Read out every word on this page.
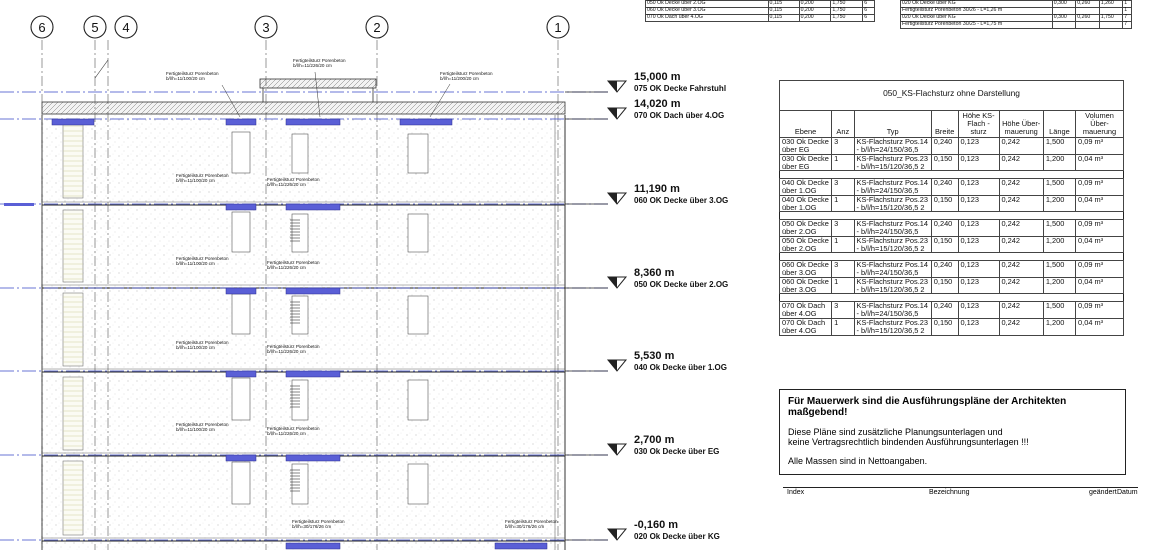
15,000 m
075 OK Decke Fahrstuhl
14,020 m
070 OK Dach über 4.OG
11,190 m
060 OK Decke über 3.OG
8,360 m
050 OK Decke über 2.OG
5,530 m
040 Ok Decke über 1.OG
2,700 m
030 Ok Decke über EG
-0,160 m
020 Ok Decke über KG
Fertigteilsturz Porenbeton
b/l/h=11/100/20 cm
Fertigteilsturz Porenbeton
b/l/h=11/226/20 cm
Fertigteilsturz Porenbeton
b/l/h=11/200/20 cm
Fertigteilsturz Porenbeton
b/l/h=11/100/20 cm	Fertigteilsturz Porenbeton
b/l/h=11/226/20 cm
Fertigteilsturz Porenbeton
b/l/h=11/100/20 cm	Fertigteilsturz Porenbeton
b/l/h=11/226/20 cm
Fertigteilsturz Porenbeton
b/l/h=11/100/20 cm	Fertigteilsturz Porenbeton
b/l/h=11/226/20 cm
Fertigteilsturz Porenbeton
b/l/h=11/100/20 cm	Fertigteilsturz Porenbeton
b/l/h=11/226/20 cm
Fertigteilsturz Porenbeton
b/l/h=30/176/26 cm
Fertigteilsturz Porenbeton
b/l/h=30/176/26 cm
6	5 4	3	2	1
050 Ok Decke über 2.OG	0,115	0,200	1,750	6
060 Ok Decke über 3.OG	0,115	0,200	1,750	6
070 Ok Dach über 4.OG	0,115	0,200	1,750	6
020 Ok Decke über KG	0,300	0,260	1,260	1
Fertigteilsturz Porenbeton 30/26 - L=1,26 m				1
020 Ok Decke über KG	0,300	0,260	1,750	7
Fertigteilsturz Porenbeton 30/25 - L=1,75 m				7
050_KS-Flachsturz ohne Darstellung							
Ebene	Anz	Typ	Breite	Höhe KS-Flach - sturz	Höhe Über- mauerung	Länge	Volumen Über- mauerung
030 Ok Decke über EG	3	KS-Flachsturz Pos.14 - b/l/h=24/150/36,5	0,240	0,123	0,242	1,500	0,09 m³
030 Ok Decke über EG	1	KS-Flachsturz Pos.23 - b/l/h=15/120/36,5 2	0,150	0,123	0,242	1,200	0,04 m³

040 Ok Decke über 1.OG	3	KS-Flachsturz Pos.14 - b/l/h=24/150/36,5	0,240	0,123	0,242	1,500	0,09 m³
040 Ok Decke über 1.OG	1	KS-Flachsturz Pos.23 - b/l/h=15/120/36,5 2	0,150	0,123	0,242	1,200	0,04 m³

050 Ok Decke über 2.OG	3	KS-Flachsturz Pos.14 - b/l/h=24/150/36,5	0,240	0,123	0,242	1,500	0,09 m³
050 Ok Decke über 2.OG	1	KS-Flachsturz Pos.23 - b/l/h=15/120/36,5 2	0,150	0,123	0,242	1,200	0,04 m³

060 Ok Decke über 3.OG	3	KS-Flachsturz Pos.14 - b/l/h=24/150/36,5	0,240	0,123	0,242	1,500	0,09 m³
060 Ok Decke über 3.OG	1	KS-Flachsturz Pos.23 - b/l/h=15/120/36,5 2	0,150	0,123	0,242	1,200	0,04 m³

070 Ok Dach über 4.OG	3	KS-Flachsturz Pos.14 - b/l/h=24/150/36,5	0,240	0,123	0,242	1,500	0,09 m³
070 Ok Dach über 4.OG	1	KS-Flachsturz Pos.23 - b/l/h=15/120/36,5 2	0,150	0,123	0,242	1,200	0,04 m³

Für Mauerwerk sind die Ausführungspläne der Architekten maßgebend!

Diese Pläne sind zusätzliche Planungsunterlagen und

keine Vertragsrechtlich bindenden Ausführungsunterlagen !!!

Alle Massen sind in Nettoangaben.

Index	Bezeichnung	geändert Datum
